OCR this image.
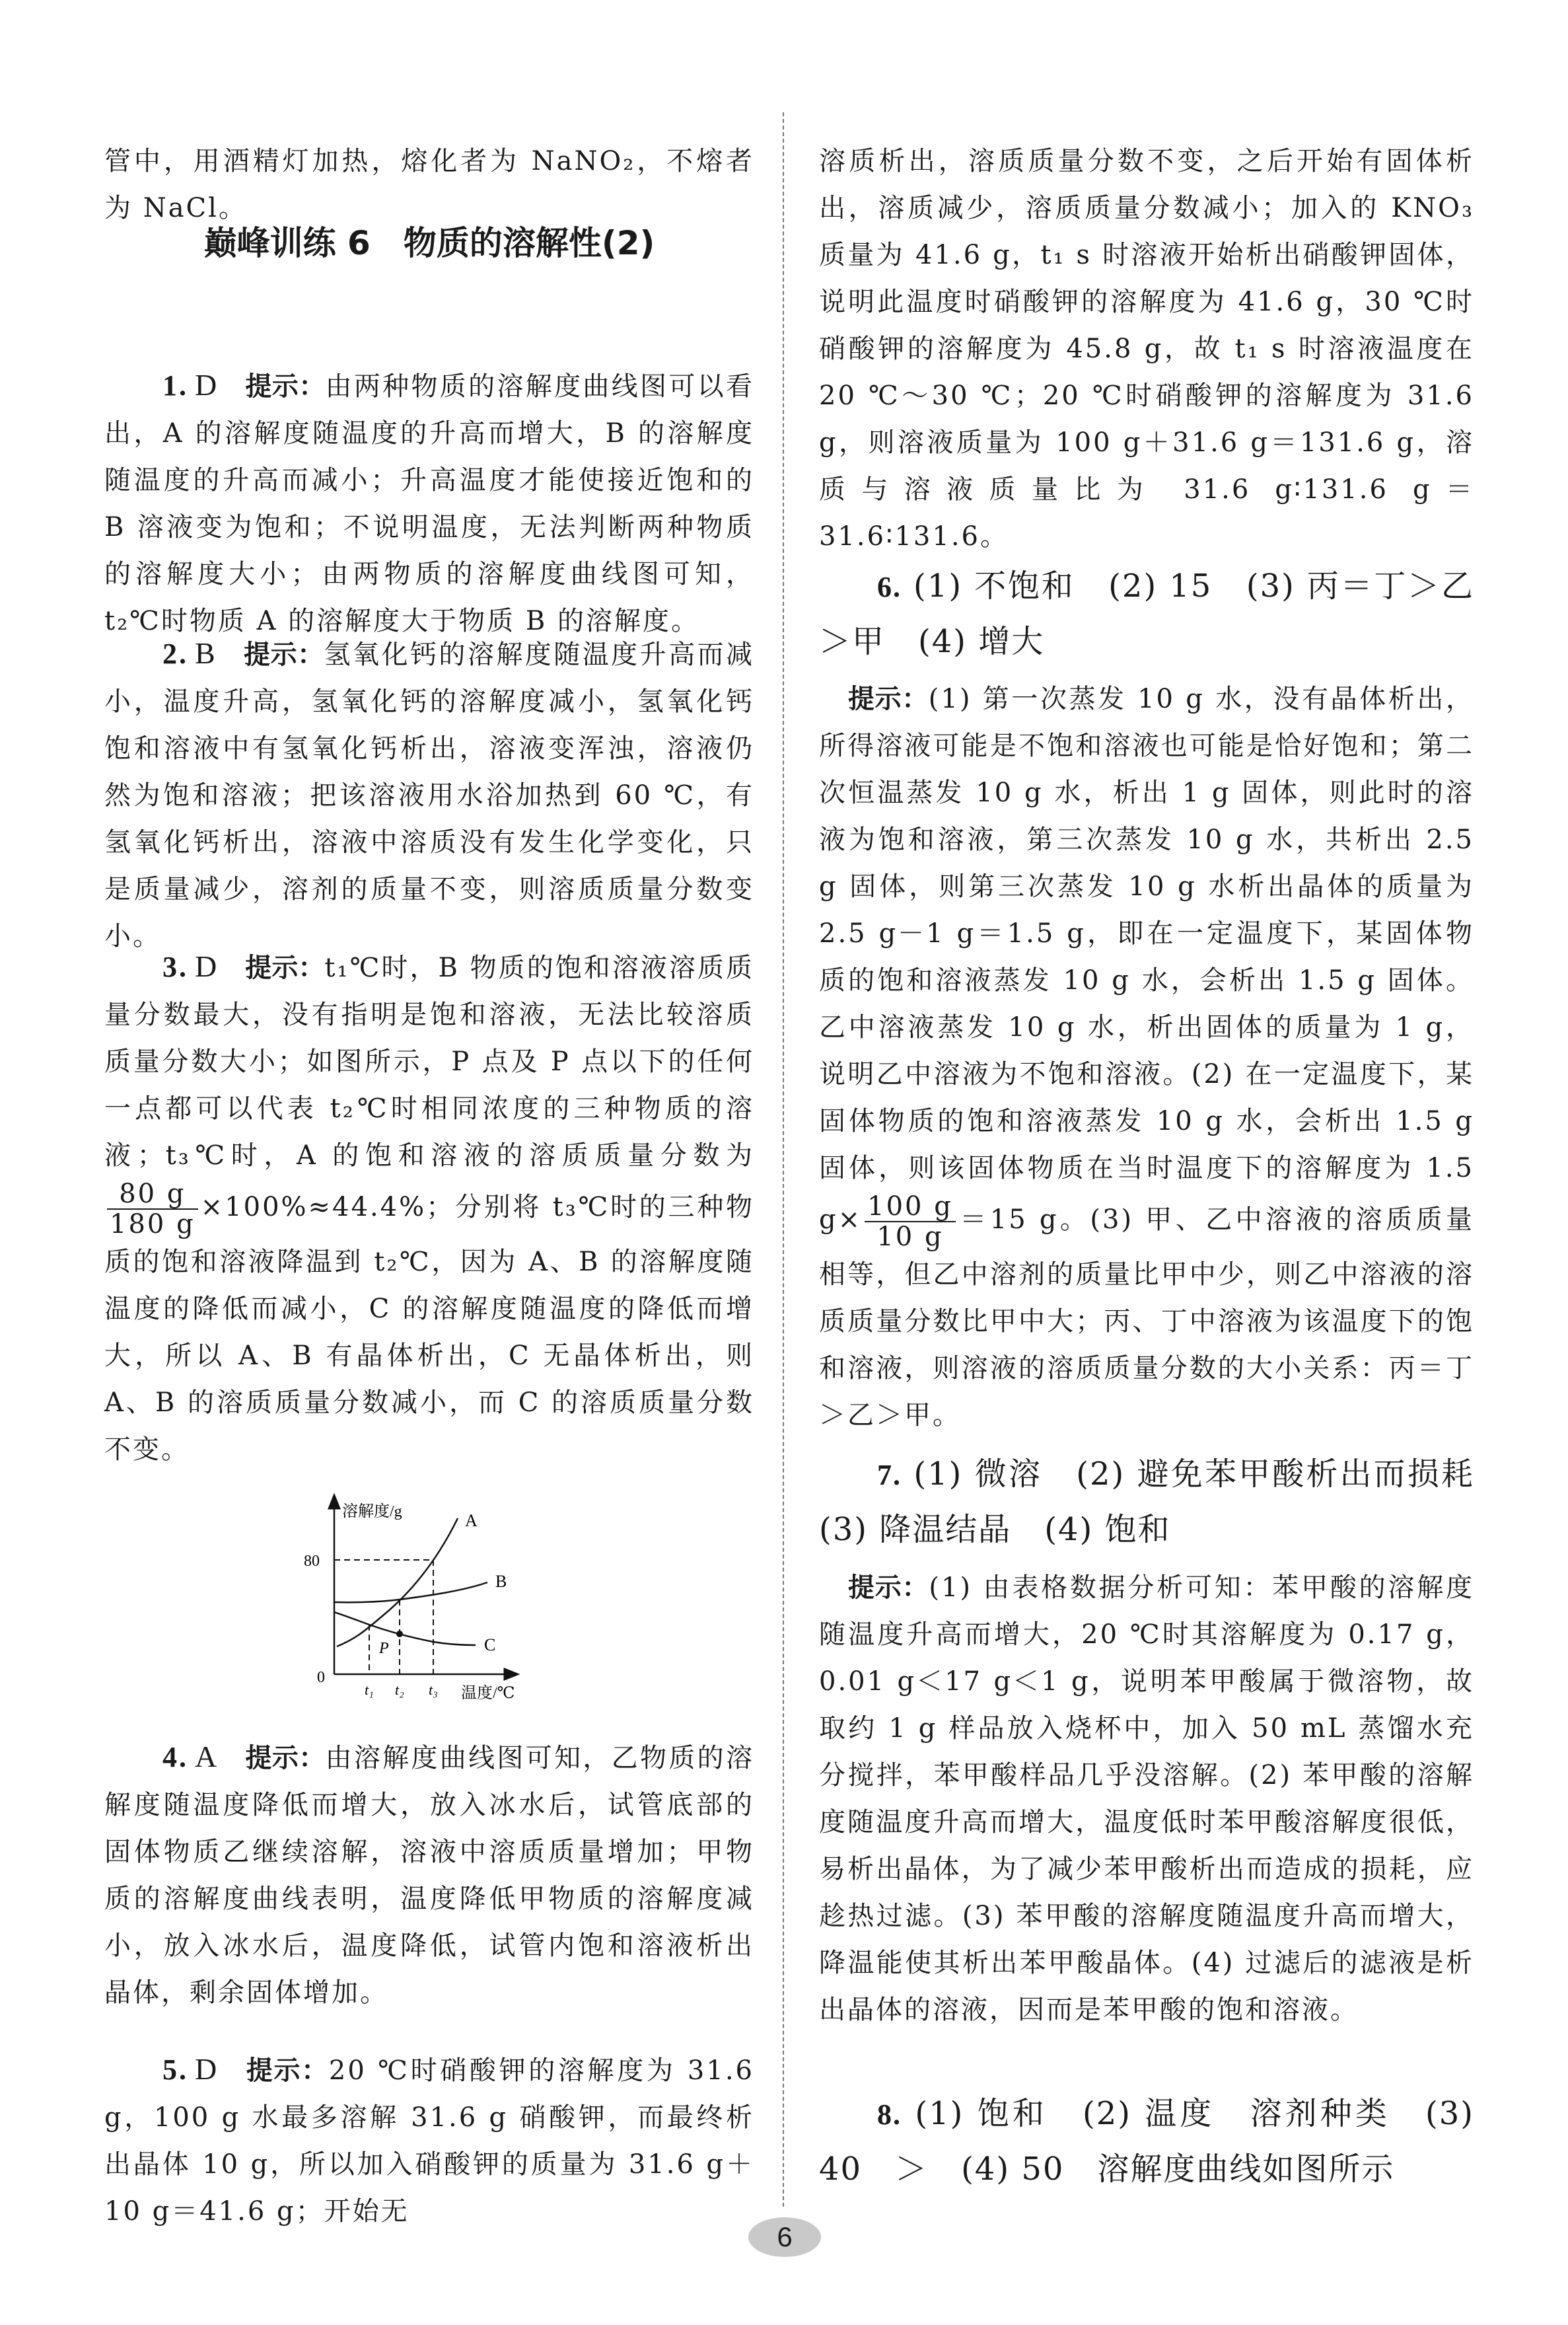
管中，用酒精灯加热，熔化者为 NaNO₂，不熔者为 NaCl。
巅峰训练 6　物质的溶解性(2)
1. D 提示：由两种物质的溶解度曲线图可以看出，A 的溶解度随温度的升高而增大，B 的溶解度随温度的升高而减小；升高温度才能使接近饱和的 B 溶液变为饱和；不说明温度，无法判断两种物质的溶解度大小；由两物质的溶解度曲线图可知，t₂℃时物质 A 的溶解度大于物质 B 的溶解度。
2. B 提示：氢氧化钙的溶解度随温度升高而减小，温度升高，氢氧化钙的溶解度减小，氢氧化钙饱和溶液中有氢氧化钙析出，溶液变浑浊，溶液仍然为饱和溶液；把该溶液用水浴加热到 60 ℃，有氢氧化钙析出，溶液中溶质没有发生化学变化，只是质量减少，溶剂的质量不变，则溶质质量分数变小。
3. D 提示：t₁℃时，B 物质的饱和溶液溶质质量分数最大，没有指明是饱和溶液，无法比较溶质质量分数大小；如图所示，P 点及 P 点以下的任何一点都可以代表 t₂℃时相同浓度的三种物质的溶液；t₃℃时，A 的饱和溶液的溶质质量分数为
$\frac{80 g}{180 g} \times 100\%\approx 44.4\%$；分别将 t₃℃时的三种物质的饱和溶液降温到 t₂℃，因为 A、B 的溶解度随温度的降低而减小，C 的溶解度随温度的降低而增大，所以 A、B 有晶体析出，C 无晶体析出，则 A、B 的溶质质量分数减小，而 C 的溶质质量分数不变。
溶解度/g
80
0
t₁ t₂ t₃ 温度/℃
A
B
C
P
4. A 提示：由溶解度曲线图可知，乙物质的溶解度随温度降低而增大，放入冰水后，试管底部的固体物质乙继续溶解，溶液中溶质质量增加；甲物质的溶解度曲线表明，温度降低甲物质的溶解度减小，放入冰水后，温度降低，试管内饱和溶液析出晶体，剩余固体增加。
5. D 提示：20 ℃时硝酸钾的溶解度为 31.6 g，100 g 水最多溶解 31.6 g 硝酸钾，而最终析出晶体 10 g，所以加入硝酸钾的质量为 31.6 g＋10 g＝41.6 g；开始无
溶质析出，溶质质量分数不变，之后开始有固体析出，溶质减少，溶质质量分数减小；加入的 KNO₃ 质量为 41.6 g，t₁ s 时溶液开始析出硝酸钾固体，说明此温度时硝酸钾的溶解度为 41.6 g，30 ℃时硝酸钾的溶解度为 45.8 g，故 t₁ s 时溶液温度在 20 ℃～30 ℃；20 ℃时硝酸钾的溶解度为 31.6 g，则溶液质量为 100 g＋31.6 g＝131.6 g，溶质与溶液质量比为 31.6 g∶131.6 g＝31.6∶131.6。
6. (1) 不饱和　(2) 15　(3) 丙＝丁＞乙＞甲　(4) 增大
提示：(1) 第一次蒸发 10 g 水，没有晶体析出，所得溶液可能是不饱和溶液也可能是恰好饱和；第二次恒温蒸发 10 g 水，析出 1 g 固体，则此时的溶液为饱和溶液，第三次蒸发 10 g 水，共析出 2.5 g 固体，则第三次蒸发 10 g 水析出晶体的质量为 2.5 g－1 g＝1.5 g，即在一定温度下，某固体物质的饱和溶液蒸发 10 g 水，会析出 1.5 g 固体。乙中溶液蒸发 10 g 水，析出固体的质量为 1 g，说明乙中溶液为不饱和溶液。(2) 在一定温度下，某固体物质的饱和溶液蒸发 10 g 水，会析出 1.5 g 固体，则该固体物质在当时温度下的溶解度为 1.5 $g\times \frac{100 g}{10 g} =15$ g。(3) 甲、乙中溶液的溶质质量相等，但乙中溶剂的质量比甲中少，则乙中溶液的溶质质量分数比甲中大；丙、丁中溶液为该温度下的饱和溶液，则溶液的溶质质量分数的大小关系：丙＝丁＞乙＞甲。
7. (1) 微溶　(2) 避免苯甲酸析出而损耗　(3) 降温结晶　(4) 饱和
提示：(1) 由表格数据分析可知：苯甲酸的溶解度随温度升高而增大，20 ℃时其溶解度为 0.17 g，0.01 g＜17 g＜1 g，说明苯甲酸属于微溶物，故取约 1 g 样品放入烧杯中，加入 50 mL 蒸馏水充分搅拌，苯甲酸样品几乎没溶解。(2) 苯甲酸的溶解度随温度升高而增大，温度低时苯甲酸溶解度很低，易析出晶体，为了减少苯甲酸析出而造成的损耗，应趁热过滤。(3) 苯甲酸的溶解度随温度升高而增大，降温能使其析出苯甲酸晶体。(4) 过滤后的滤液是析出晶体的溶液，因而是苯甲酸的饱和溶液。
8. (1) 饱和　(2) 温度　溶剂种类　(3) 40　＞　(4) 50　溶解度曲线如图所示
6
